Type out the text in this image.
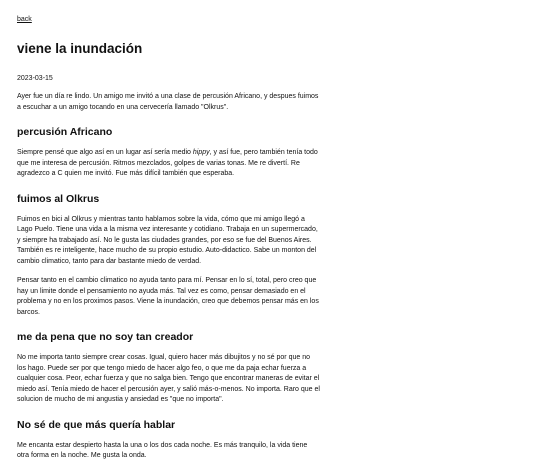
back
viene la inundación
2023-03-15

Ayer fue un día re lindo. Un amigo me invitó a una clase de percusión Africano, y despues fuimos a escuchar a un amigo tocando en una cervecería llamado "Olkrus".

percusión Africano

Siempre pensé que algo así en un lugar así sería medio hippy, y así fue, pero también tenía todo que me interesa de percusión. Ritmos mezclados, golpes de varias tonas. Me re divertí. Re agradezco a C quien me invitó. Fue más difícil también que esperaba.

fuimos al Olkrus

Fuimos en bici al Olkrus y mientras tanto hablamos sobre la vida, cómo que mi amigo llegó a Lago Puelo. Tiene una vida a la misma vez interesante y cotidiano. Trabaja en un supermercado, y siempre ha trabajado así. No le gusta las ciudades grandes, por eso se fue del Buenos Aires. También es re inteligente, hace mucho de su propio estudio. Auto-didactico. Sabe un monton del cambio climatico, tanto para dar bastante miedo de verdad.

Pensar tanto en el cambio climatico no ayuda tanto para mí. Pensar en lo sí, total, pero creo que hay un limite donde el pensamiento no ayuda más. Tal vez es como, pensar demasiado en el problema y no en los proximos pasos. Viene la inundación, creo que debemos pensar más en los barcos.

me da pena que no soy tan creador

No me importa tanto siempre crear cosas. Igual, quiero hacer más dibujitos y no sé por que no los hago. Puede ser por que tengo miedo de hacer algo feo, o que me da paja echar fuerza a cualquier cosa. Peor, echar fuerza y que no salga bien. Tengo que encontrar maneras de evitar el miedo así. Tenía miedo de hacer el percusión ayer, y salió más-o-menos. No importa. Raro que el solucion de mucho de mi angustia y ansiedad es "que no importa".

No sé de que más quería hablar

Me encanta estar despierto hasta la una o los dos cada noche. Es más tranquilo, la vida tiene otra forma en la noche. Me gusta la onda.
